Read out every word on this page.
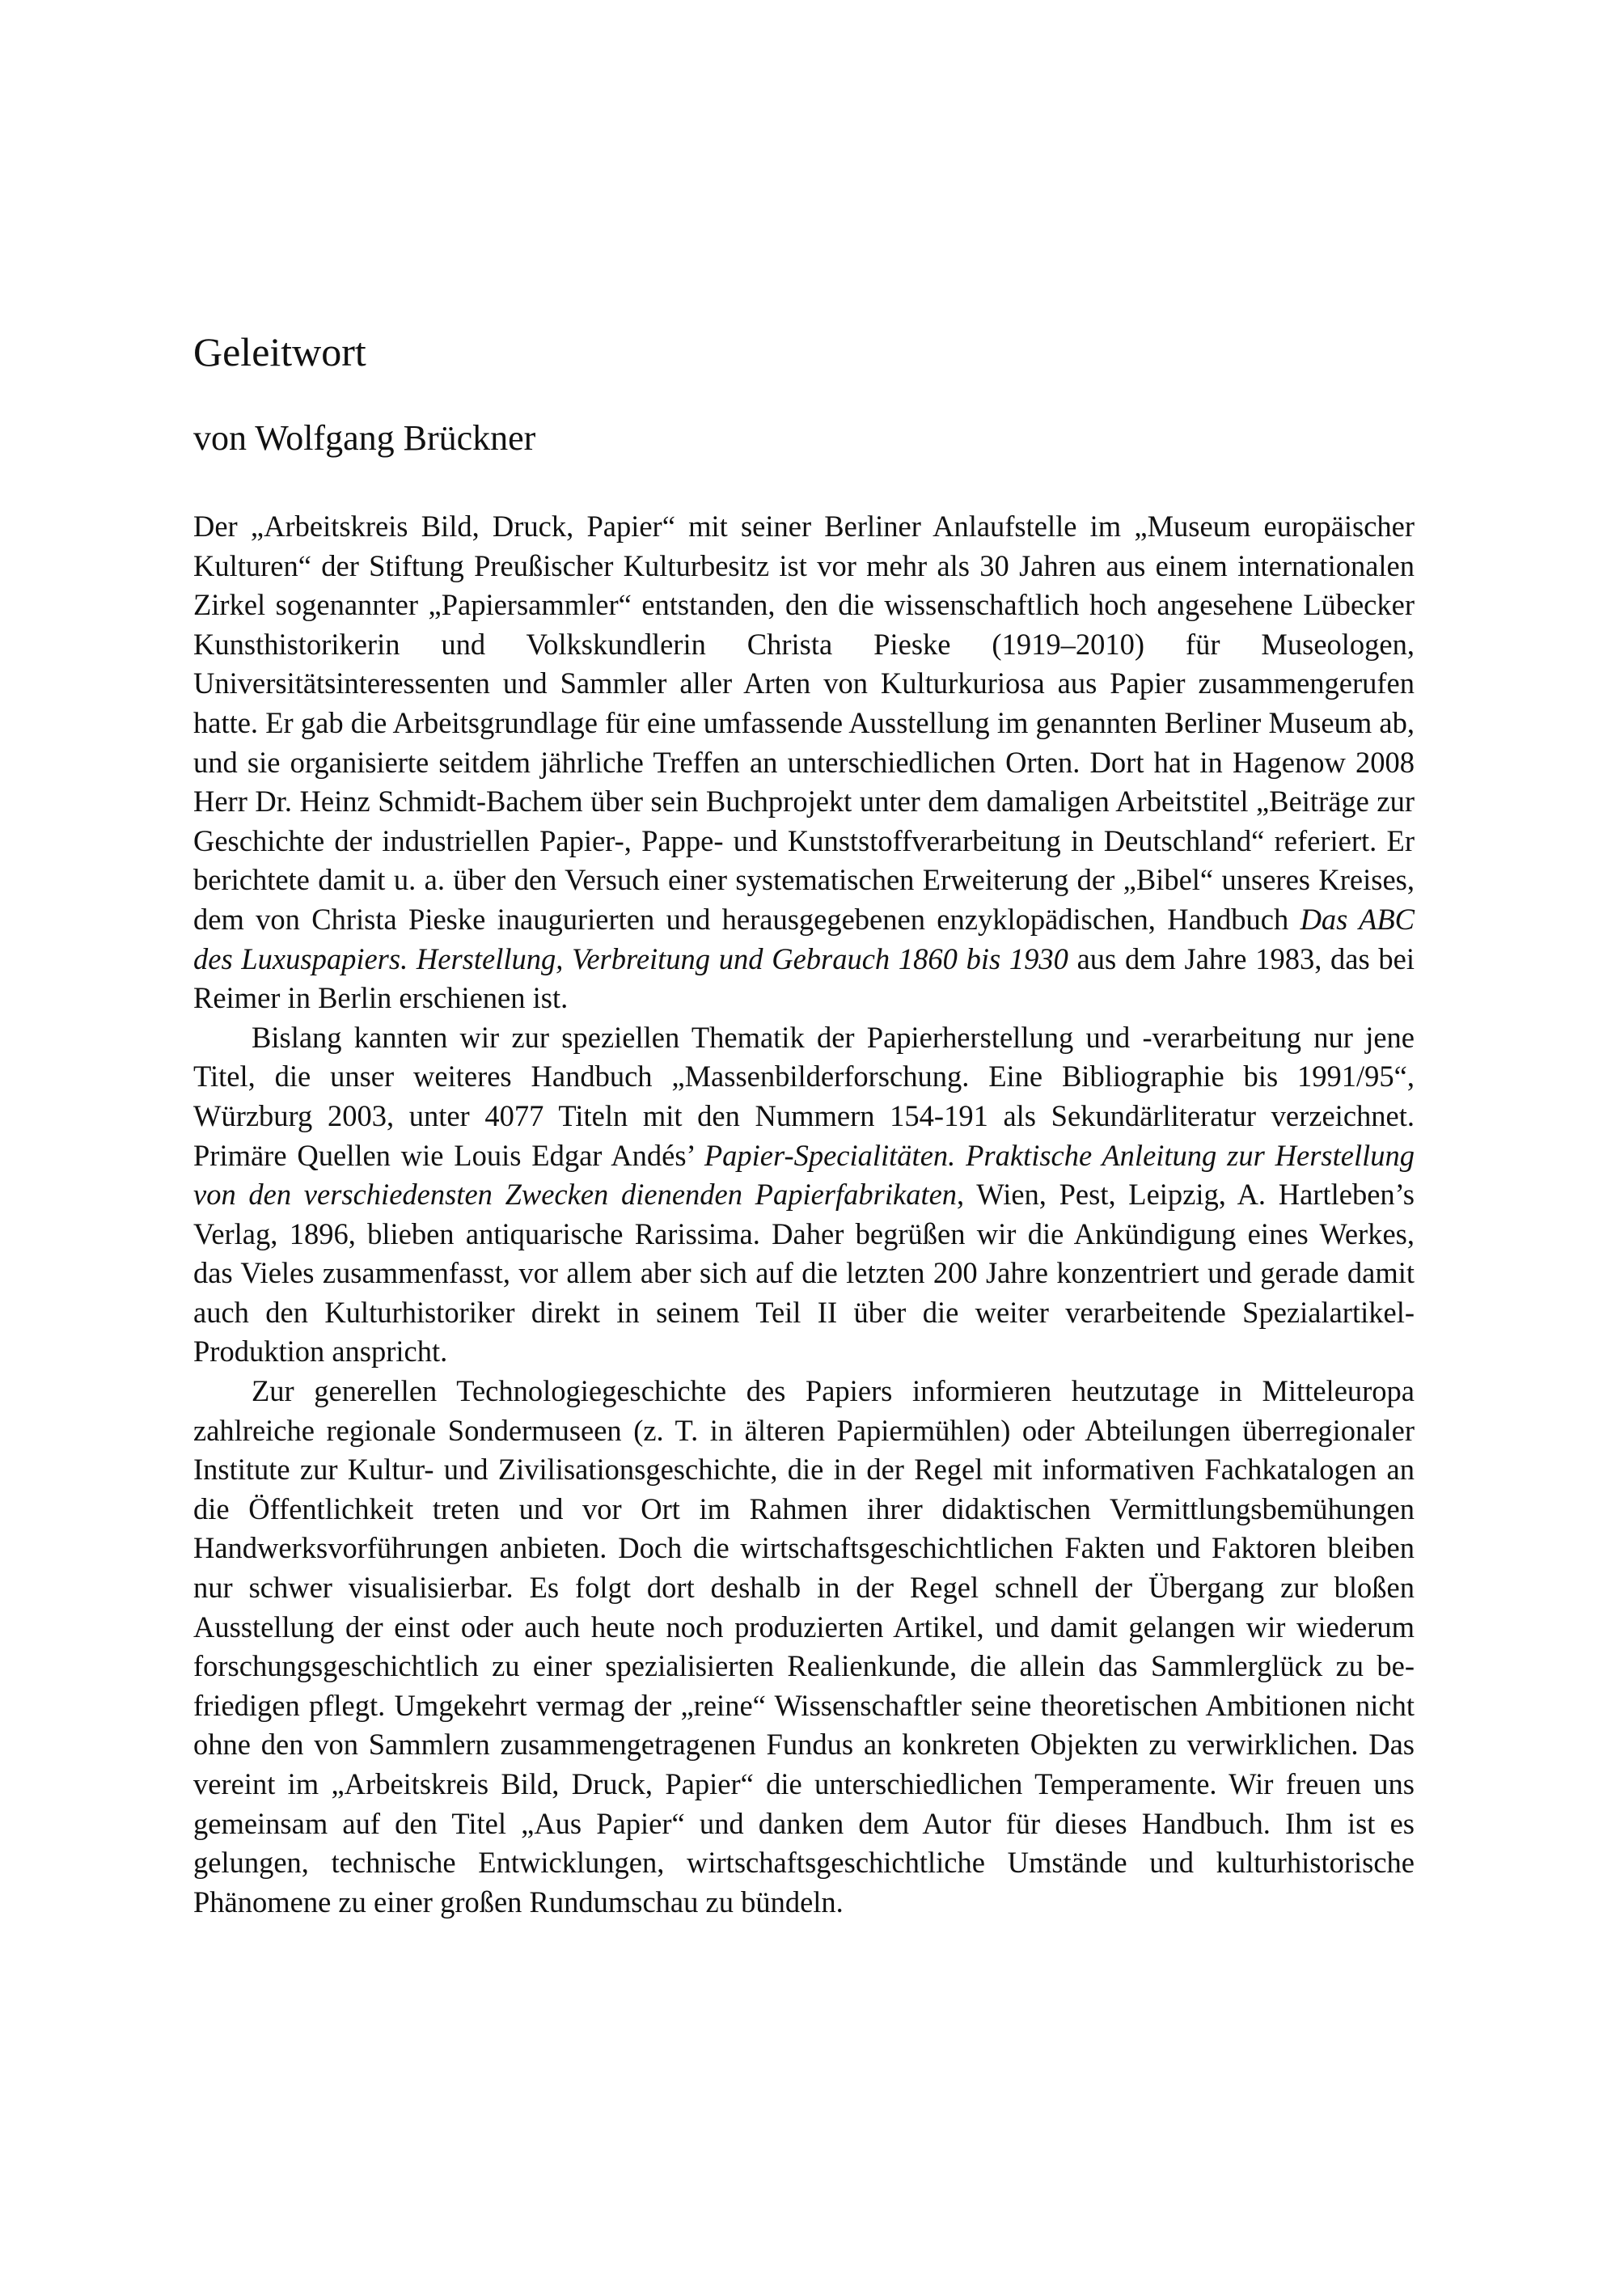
Geleitwort
von Wolfgang Brückner

Der „Arbeitskreis Bild, Druck, Papier“ mit seiner Berliner Anlaufstelle im „Museum europäischer Kulturen“ der Stiftung Preußischer Kulturbesitz ist vor mehr als 30 Jahren aus einem internationalen Zirkel sogenannter „Papiersammler“ entstanden, den die wissenschaftlich hoch angesehene Lübecker Kunsthistorikerin und Volkskundlerin Christa Pieske (1919–2010) für Museologen, Universitätsinteressenten und Sammler aller Arten von Kulturkuriosa aus Papier zusammengerufen hatte. Er gab die Arbeitsgrundlage für eine umfassende Ausstellung im genannten Berliner Museum ab, und sie organisierte seitdem jährliche Treffen an unterschiedlichen Orten. Dort hat in Hagenow 2008 Herr Dr. Heinz Schmidt-Bachem über sein Buchprojekt unter dem damaligen Arbeitstitel „Beiträge zur Geschichte der industriellen Papier-, Pappe- und Kunststoffverarbeitung in Deutschland“ referiert. Er berichtete damit u. a. über den Versuch einer systematischen Erweiterung der „Bibel“ unseres Kreises, dem von Christa Pieske inaugurierten und herausgegebenen enzyklopädischen, Handbuch Das ABC des Luxuspapiers. Herstellung, Verbreitung und Gebrauch 1860 bis 1930 aus dem Jahre 1983, das bei Reimer in Berlin erschienen ist.

Bislang kannten wir zur speziellen Thematik der Papierherstellung und -verarbeitung nur jene Titel, die unser weiteres Handbuch „Massenbilderforschung. Eine Bibliographie bis 1991/95“, Würzburg 2003, unter 4077 Titeln mit den Nummern 154-191 als Sekundärliteratur verzeichnet. Primäre Quellen wie Louis Edgar Andés’ Papier-Specialitäten. Praktische Anleitung zur Herstellung von den verschiedensten Zwecken dienenden Papierfabrikaten, Wien, Pest, Leipzig, A. Hartleben’s Verlag, 1896, blieben antiquarische Rarissima. Daher begrüßen wir die Ankündigung eines Werkes, das Vieles zusammenfasst, vor allem aber sich auf die letzten 200 Jahre konzentriert und gerade damit auch den Kulturhistoriker direkt in seinem Teil II über die weiter verarbeitende Spezialartikel-Produktion anspricht.

Zur generellen Technologiegeschichte des Papiers informieren heutzutage in Mitteleuropa zahlreiche regionale Sondermuseen (z. T. in älteren Papiermühlen) oder Abteilungen überregionaler Institute zur Kultur- und Zivilisationsgeschichte, die in der Regel mit informativen Fachkatalogen an die Öffentlichkeit treten und vor Ort im Rahmen ihrer didaktischen Vermittlungsbemühungen Handwerksvorführungen anbieten. Doch die wirtschaftsgeschichtlichen Fakten und Faktoren bleiben nur schwer visualisierbar. Es folgt dort deshalb in der Regel schnell der Übergang zur bloßen Ausstellung der einst oder auch heute noch produzierten Artikel, und damit gelangen wir wiederum forschungsgeschichtlich zu einer spezialisierten Realienkunde, die allein das Sammlerglück zu befriedigen pflegt. Umgekehrt vermag der „reine“ Wissenschaftler seine theoretischen Ambitionen nicht ohne den von Sammlern zusammengetragenen Fundus an konkreten Objekten zu verwirklichen. Das vereint im „Arbeitskreis Bild, Druck, Papier“ die unterschiedlichen Temperamente. Wir freuen uns gemeinsam auf den Titel „Aus Papier“ und danken dem Autor für dieses Handbuch. Ihm ist es gelungen, technische Entwicklungen, wirtschaftsgeschichtliche Umstände und kulturhistorische Phänomene zu einer großen Rundumschau zu bündeln.
